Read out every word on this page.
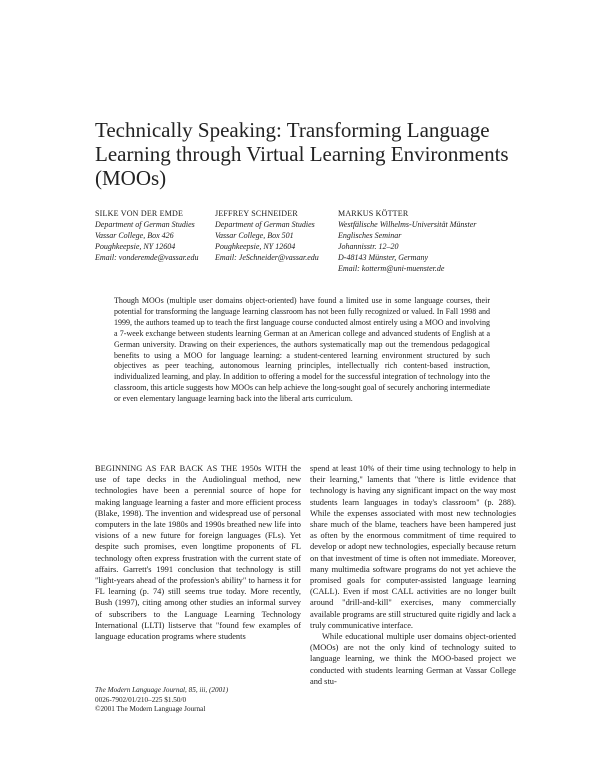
Technically Speaking: Transforming Language Learning through Virtual Learning Environments (MOOs)
SILKE VON DER EMDE
Department of German Studies
Vassar College, Box 426
Poughkeepsie, NY 12604
Email: vonderemde@vassar.edu
JEFFREY SCHNEIDER
Department of German Studies
Vassar College, Box 501
Poughkeepsie, NY 12604
Email: JeSchneider@vassar.edu
MARKUS KÖTTER
Westfälische Wilhelms-Universität Münster
Englisches Seminar
Johannisstr. 12–20
D-48143 Münster, Germany
Email: kotterm@uni-muenster.de

Though MOOs (multiple user domains object-oriented) have found a limited use in some language courses, their potential for transforming the language learning classroom has not been fully recognized or valued. In Fall 1998 and 1999, the authors teamed up to teach the first language course conducted almost entirely using a MOO and involving a 7-week exchange between students learning German at an American college and advanced students of English at a German university. Drawing on their experiences, the authors systematically map out the tremendous pedagogical benefits to using a MOO for language learning: a student-centered learning environment structured by such objectives as peer teaching, autonomous learning principles, intellectually rich content-based instruction, individualized learning, and play. In addition to offering a model for the successful integration of technology into the classroom, this article suggests how MOOs can help achieve the long-sought goal of securely anchoring intermediate or even elementary language learning back into the liberal arts curriculum.

BEGINNING AS FAR BACK AS THE 1950s WITH the use of tape decks in the Audiolingual method, new technologies have been a perennial source of hope for making language learning a faster and more efficient process (Blake, 1998). The invention and widespread use of personal computers in the late 1980s and 1990s breathed new life into visions of a new future for foreign languages (FLs). Yet despite such promises, even longtime proponents of FL technology often express frustration with the current state of affairs. Garrett's 1991 conclusion that technology is still "light-years ahead of the profession's ability" to harness it for FL learning (p. 74) still seems true today. More recently, Bush (1997), citing among other studies an informal survey of subscribers to the Language Learning Technology International (LLTI) listserve that "found few examples of language education programs where students

spend at least 10% of their time using technology to help in their learning," laments that "there is little evidence that technology is having any significant impact on the way most students learn languages in today's classroom" (p. 288). While the expenses associated with most new technologies share much of the blame, teachers have been hampered just as often by the enormous commitment of time required to develop or adopt new technologies, especially because return on that investment of time is often not immediate. Moreover, many multimedia software programs do not yet achieve the promised goals for computer-assisted language learning (CALL). Even if most CALL activities are no longer built around "drill-and-kill" exercises, many commercially available programs are still structured quite rigidly and lack a truly communicative interface.

While educational multiple user domains object-oriented (MOOs) are not the only kind of technology suited to language learning, we think the MOO-based project we conducted with students learning German at Vassar College and stu-

The Modern Language Journal, 85, iii, (2001)
0026-7902/01/210–225 $1.50/0
©2001 The Modern Language Journal
